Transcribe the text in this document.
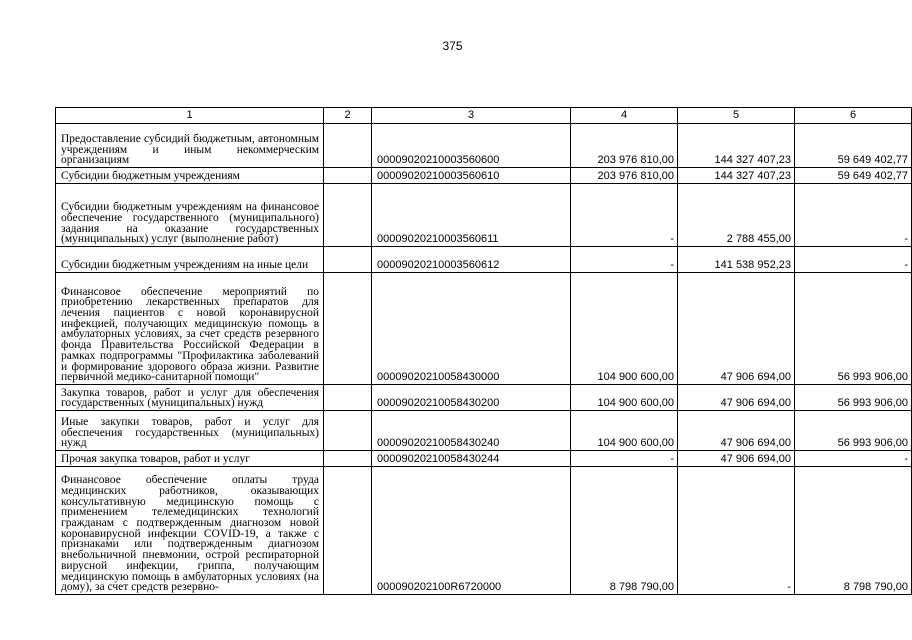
375
1	2	3	4	5	6
Предоставление субсидий бюджетным, автономным учреждениям и иным некоммерческим организациям		00009020210003560600	203 976 810,00	144 327 407,23	59 649 402,77
Субсидии бюджетным учреждениям		00009020210003560610	203 976 810,00	144 327 407,23	59 649 402,77
Субсидии бюджетным учреждениям на финансовое обеспечение государственного (муниципального) задания на оказание государственных (муниципальных) услуг (выполнение работ)		00009020210003560611	-	2 788 455,00	-
Субсидии бюджетным учреждениям на иные цели		00009020210003560612	-	141 538 952,23	-
Финансовое обеспечение мероприятий по приобретению лекарственных препаратов для лечения пациентов с новой коронавирусной инфекцией, получающих медицинскую помощь в амбулаторных условиях, за счет средств резервного фонда Правительства Российской Федерации в рамках подпрограммы "Профилактика заболеваний и формирование здорового образа жизни. Развитие первичной медико-санитарной помощи"		00009020210058430000	104 900 600,00	47 906 694,00	56 993 906,00
Закупка товаров, работ и услуг для обеспечения государственных (муниципальных) нужд		00009020210058430200	104 900 600,00	47 906 694,00	56 993 906,00
Иные закупки товаров, работ и услуг для обеспечения государственных (муниципальных) нужд		00009020210058430240	104 900 600,00	47 906 694,00	56 993 906,00
Прочая закупка товаров, работ и услуг		00009020210058430244	-	47 906 694,00	-
Финансовое обеспечение оплаты труда медицинских работников, оказывающих консультативную медицинскую помощь с применением телемедицинских технологий гражданам с подтвержденным диагнозом новой коронавирусной инфекции COVID-19, а также с признаками или подтвержденным диагнозом внебольничной пневмонии, острой респираторной вирусной инфекции, гриппа, получающим медицинскую помощь в амбулаторных условиях (на дому), за счет средств резервно-		000090202100R6720000	8 798 790,00	-	8 798 790,00
